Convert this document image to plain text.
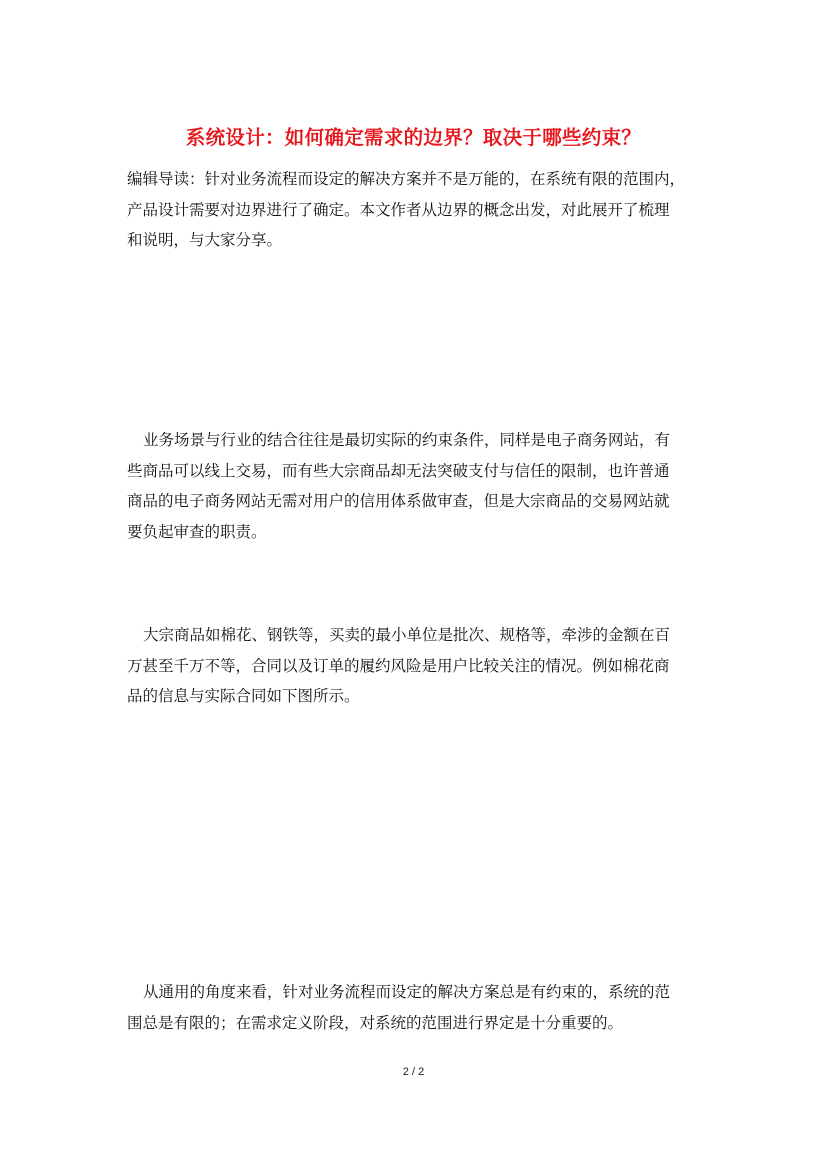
系统设计：如何确定需求的边界？取决于哪些约束？

编辑导读：针对业务流程而设定的解决方案并不是万能的，在系统有限的范围内，
产品设计需要对边界进行了确定。本文作者从边界的概念出发，对此展开了梳理
和说明，与大家分享。

业务场景与行业的结合往往是最切实际的约束条件，同样是电子商务网站，有
些商品可以线上交易，而有些大宗商品却无法突破支付与信任的限制，也许普通
商品的电子商务网站无需对用户的信用体系做审查，但是大宗商品的交易网站就
要负起审查的职责。

大宗商品如棉花、钢铁等，买卖的最小单位是批次、规格等，牵涉的金额在百
万甚至千万不等，合同以及订单的履约风险是用户比较关注的情况。例如棉花商
品的信息与实际合同如下图所示。

从通用的角度来看，针对业务流程而设定的解决方案总是有约束的，系统的范
围总是有限的；在需求定义阶段，对系统的范围进行界定是十分重要的。

2 / 2
